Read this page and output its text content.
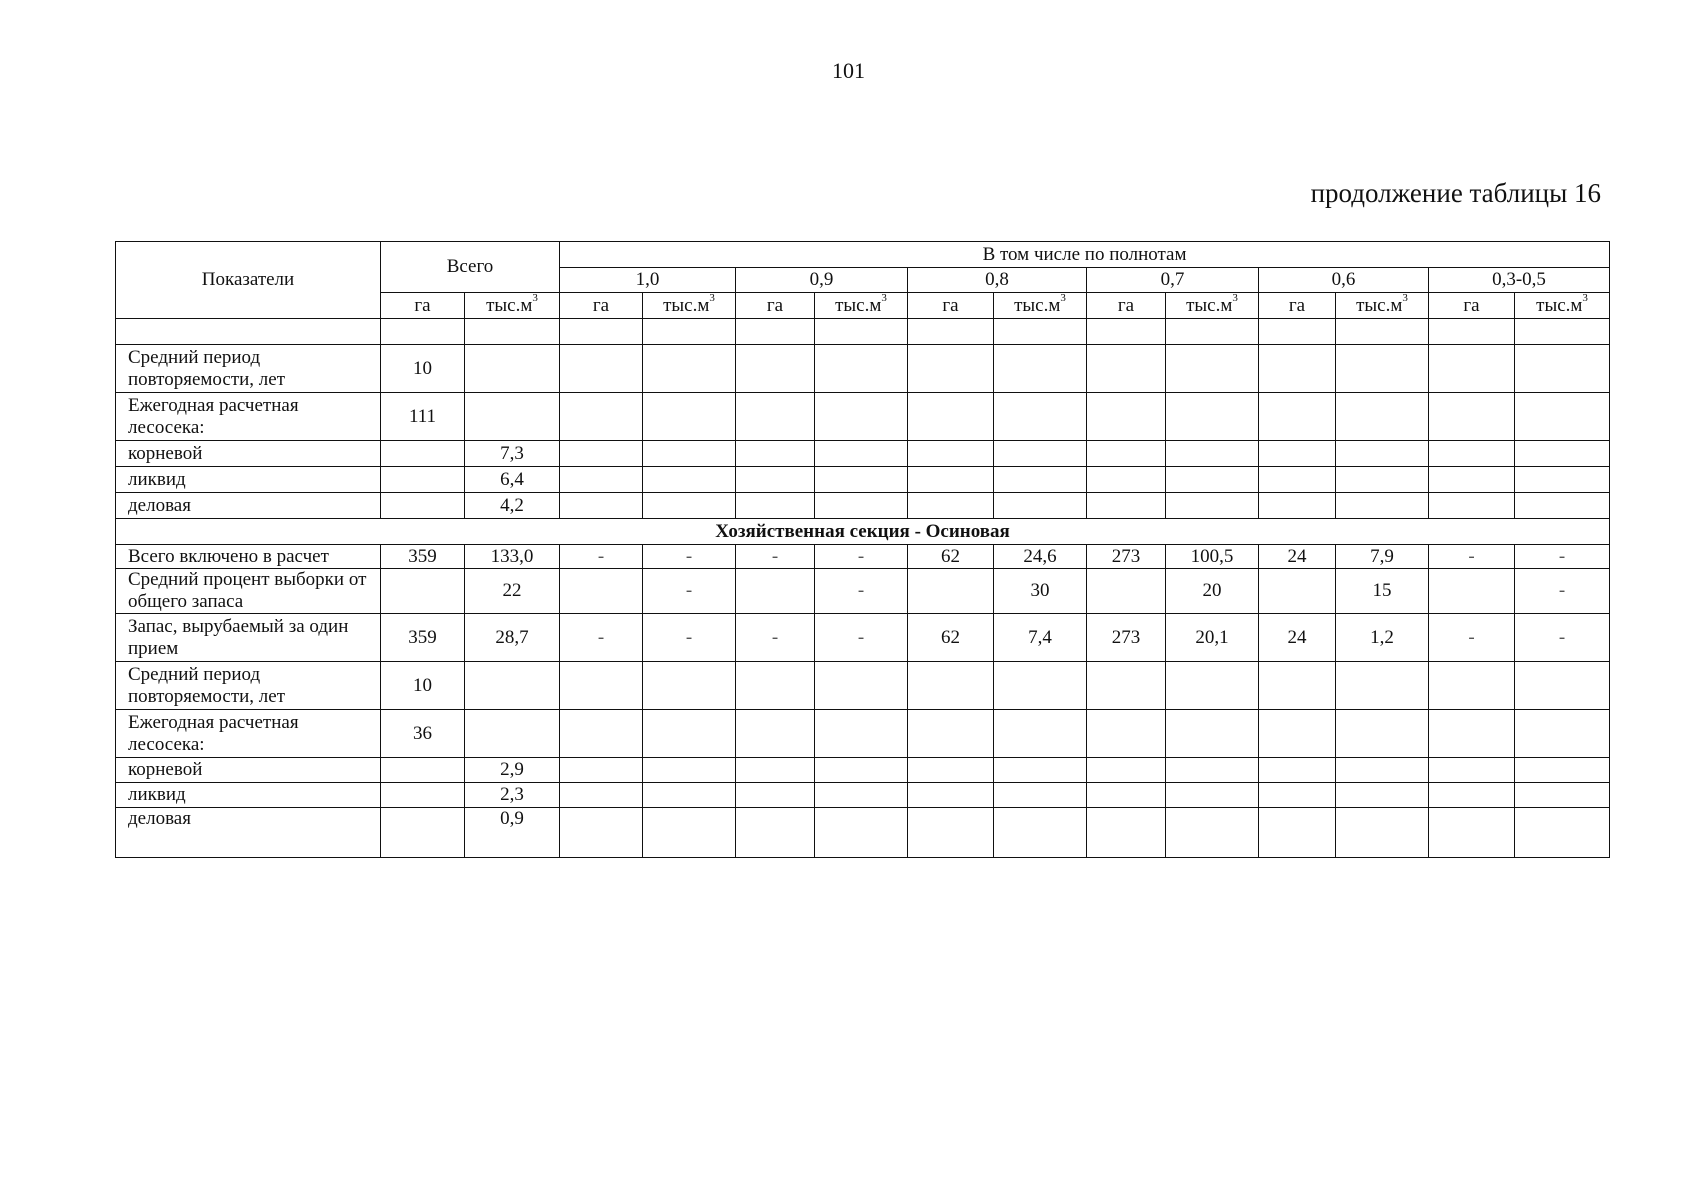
101
продолжение таблицы 16
Показатели	Всего		В том числе по полнотам											
			1,0		0,9		0,8		0,7		0,6		0,3-0,5	
	га	$тыс.м^3$	га	$тыс.м^3$	га	$тыс.м^3$	га	$тыс.м^3$	га	$тыс.м^3$	га	$тыс.м^3$	га	$тыс.м^3$

Средний период повторяемости, лет	10													
Ежегодная расчетная лесосека:	111													
корневой		7,3												
ликвид		6,4												
деловая		4,2												
Хозяйственная секция - Осиновая														
Всего включено в расчет	359	133,0	-	-	-	-	62	24,6	273	100,5	24	7,9	-	-
Средний процент выборки от общего запаса		22		-		-		30		20		15		-
Запас, вырубаемый за один прием	359	28,7	-	-	-	-	62	7,4	273	20,1	24	1,2	-	-
Средний период повторяемости, лет	10													
Ежегодная расчетная лесосека:	36													
корневой		2,9												
ликвид		2,3												
деловая		0,9												
